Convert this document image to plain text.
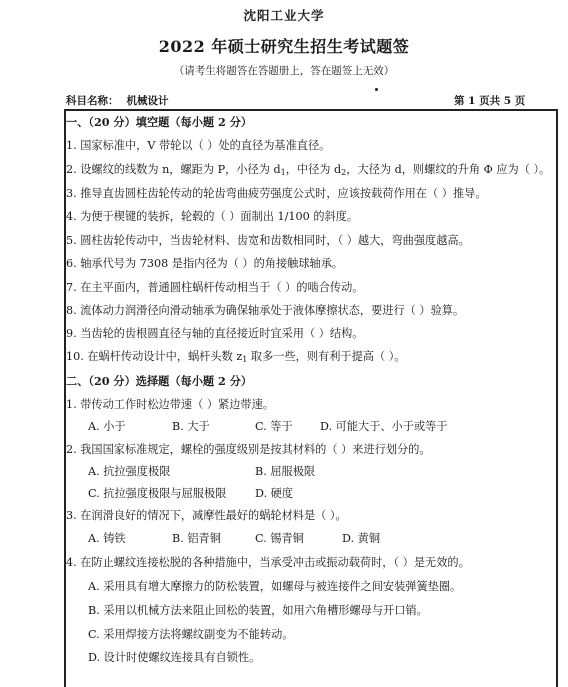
沈阳工业大学
2022 年硕士研究生招生考试题签
（请考生将题答在答题册上，答在题签上无效）
科目名称： 机械设计	第 1 页共 5 页
一、（20 分）填空题（每小题 2 分）
1. 国家标准中，V 带轮以（ ）处的直径为基准直径。
2. 设螺纹的线数为 n，螺距为 P，小径为 $d_1$，中径为 $d_2$，大径为 d，则螺纹的升角 Φ 应为（ ）。
3. 推导直齿圆柱齿轮传动的轮齿弯曲疲劳强度公式时，应该按载荷作用在（ ）推导。
4. 为便于楔键的装拆，轮毂的（ ）面制出 1/100 的斜度。
5. 圆柱齿轮传动中，当齿轮材料、齿宽和齿数相同时，（ ）越大，弯曲强度越高。
6. 轴承代号为 7308 是指内径为（ ）的角接触球轴承。
7. 在主平面内，普通圆柱蜗杆传动相当于（ ）的啮合传动。
8. 流体动力润滑径向滑动轴承为确保轴承处于液体摩擦状态，要进行（ ）验算。
9. 当齿轮的齿根圆直径与轴的直径接近时宜采用（ ）结构。
10. 在蜗杆传动设计中，蜗杆头数 $z_1$ 取多一些，则有利于提高（ ）。
二、（20 分）选择题（每小题 2 分）
1. 带传动工作时松边带速（ ）紧边带速。
A. 小于	B. 大于	C. 等于 D. 可能大于、小于或等于
2. 我国国家标准规定，螺栓的强度级别是按其材料的（ ）来进行划分的。
A. 抗拉强度极限	B. 屈服极限
C. 抗拉强度极限与屈服极限	D. 硬度
3. 在润滑良好的情况下，减摩性最好的蜗轮材料是（ ）。
A. 铸铁	B. 铝青铜	C. 锡青铜	D. 黄铜
4. 在防止螺纹连接松脱的各种措施中，当承受冲击或振动载荷时，（ ）是无效的。
A. 采用具有增大摩擦力的防松装置，如螺母与被连接件之间安装弹簧垫圈。
B. 采用以机械方法来阻止回松的装置，如用六角槽形螺母与开口销。
C. 采用焊接方法将螺纹副变为不能转动。
D. 设计时使螺纹连接具有自锁性。
